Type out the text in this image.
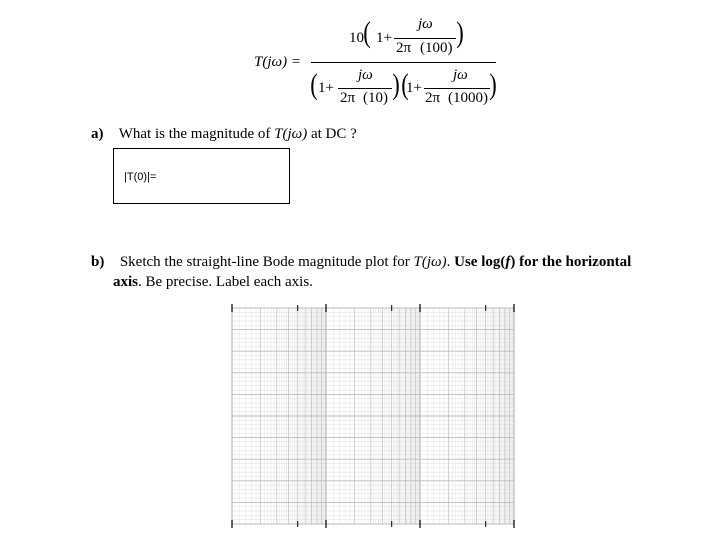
T(jω) =
10 ( 1+
jω
2π (100) )
( 1+
jω
2π (10) ) (
1+
jω
2π (1000) )
a) What is the magnitude of T(jω) at DC ?
|T(0)|=
b) Sketch the straight-line Bode magnitude plot for T(jω). Use log(f) for the horizontal
axis. Be precise. Label each axis.
